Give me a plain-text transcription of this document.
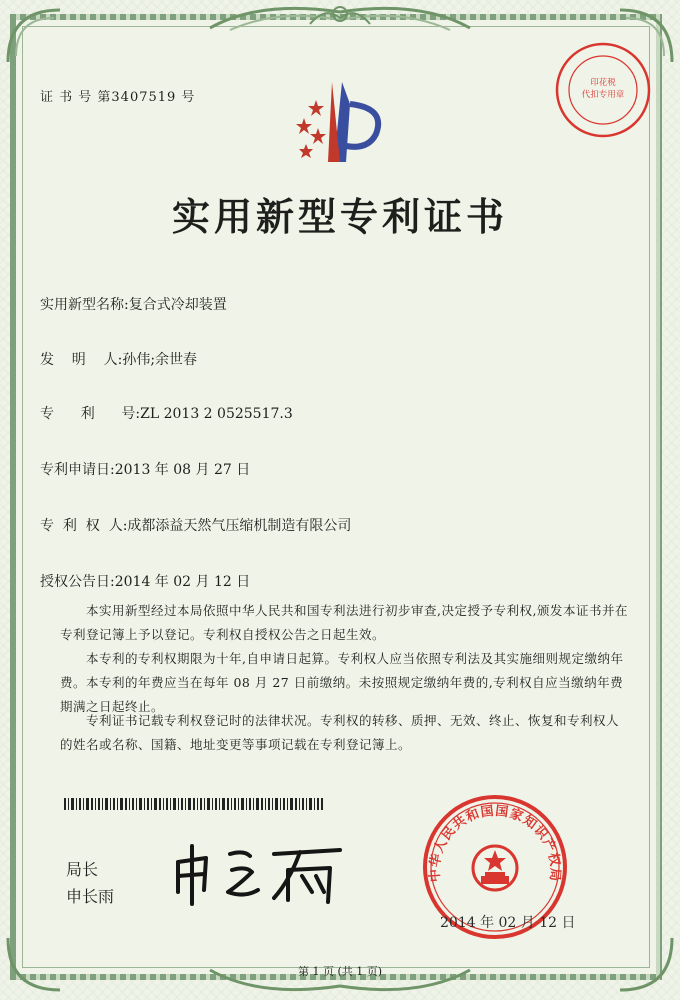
印花税
代扣专用章
证 书 号 第3407519 号
实用新型专利证书
实用新型名称:复合式冷却装置
发    明    人:孙伟;余世春
专      利      号:ZL 2013 2 0525517.3
专利申请日:2013 年 08 月 27 日
专  利  权  人:成都添益天然气压缩机制造有限公司
授权公告日:2014 年 02 月 12 日
本实用新型经过本局依照中华人民共和国专利法进行初步审查,决定授予专利权,颁发本证书并在专利登记簿上予以登记。专利权自授权公告之日起生效。
本专利的专利权期限为十年,自申请日起算。专利权人应当依照专利法及其实施细则规定缴纳年费。本专利的年费应当在每年 08 月 27 日前缴纳。未按照规定缴纳年费的,专利权自应当缴纳年费期满之日起终止。
专利证书记载专利权登记时的法律状况。专利权的转移、质押、无效、终止、恢复和专利权人的姓名或名称、国籍、地址变更等事项记载在专利登记簿上。
局长
申长雨
中华人民共和国国家知识产权局
2014 年 02 月 12 日
第 1 页 (共 1 页)
